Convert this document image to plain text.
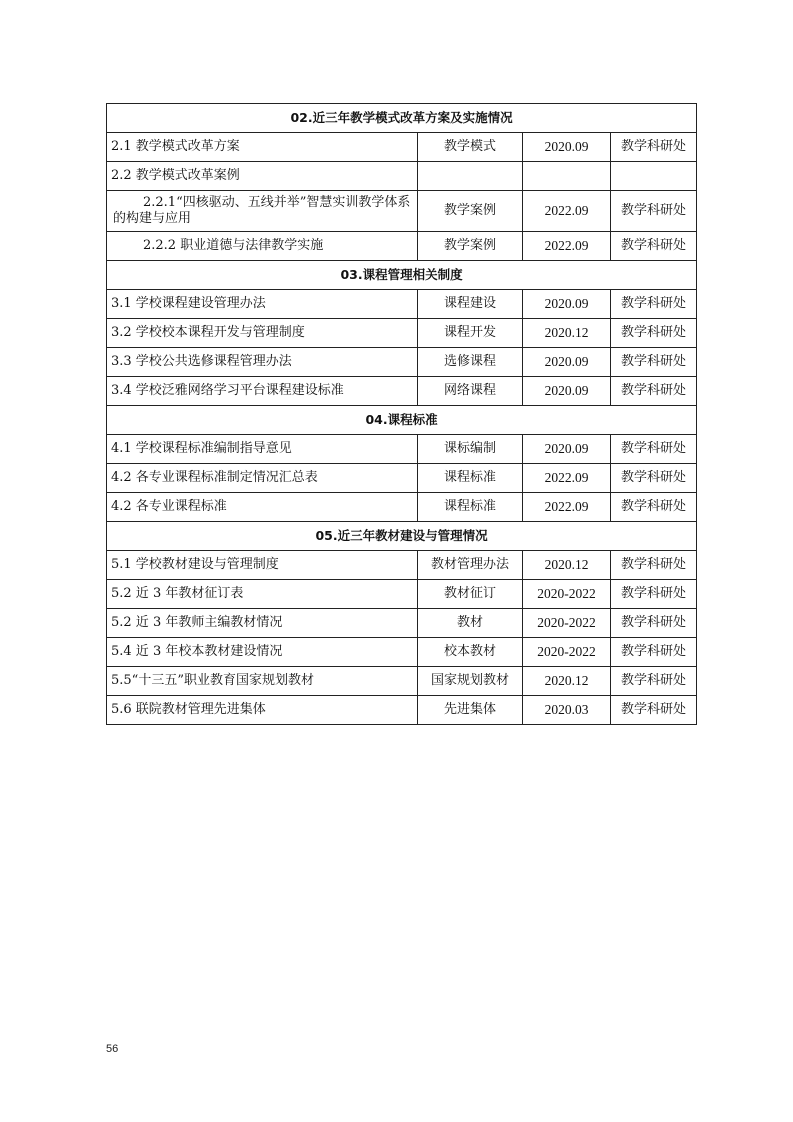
02.近三年教学模式改革方案及实施情况			
2.1 教学模式改革方案	教学模式	2020.09	教学科研处
2.2 教学模式改革案例			
2.2.1“四核驱动、五线并举”智慧实训教学体系的构建与应用	教学案例	2022.09	教学科研处
2.2.2 职业道德与法律教学实施	教学案例	2022.09	教学科研处
03.课程管理相关制度			
3.1 学校课程建设管理办法	课程建设	2020.09	教学科研处
3.2 学校校本课程开发与管理制度	课程开发	2020.12	教学科研处
3.3 学校公共选修课程管理办法	选修课程	2020.09	教学科研处
3.4 学校泛雅网络学习平台课程建设标准	网络课程	2020.09	教学科研处
04.课程标准			
4.1 学校课程标准编制指导意见	课标编制	2020.09	教学科研处
4.2 各专业课程标准制定情况汇总表	课程标准	2022.09	教学科研处
4.2 各专业课程标准	课程标准	2022.09	教学科研处
05.近三年教材建设与管理情况			
5.1 学校教材建设与管理制度	教材管理办法	2020.12	教学科研处
5.2 近 3 年教材征订表	教材征订	2020-2022	教学科研处
5.2 近 3 年教师主编教材情况	教材	2020-2022	教学科研处
5.4 近 3 年校本教材建设情况	校本教材	2020-2022	教学科研处
5.5“十三五”职业教育国家规划教材	国家规划教材	2020.12	教学科研处
5.6 联院教材管理先进集体	先进集体	2020.03	教学科研处
56
